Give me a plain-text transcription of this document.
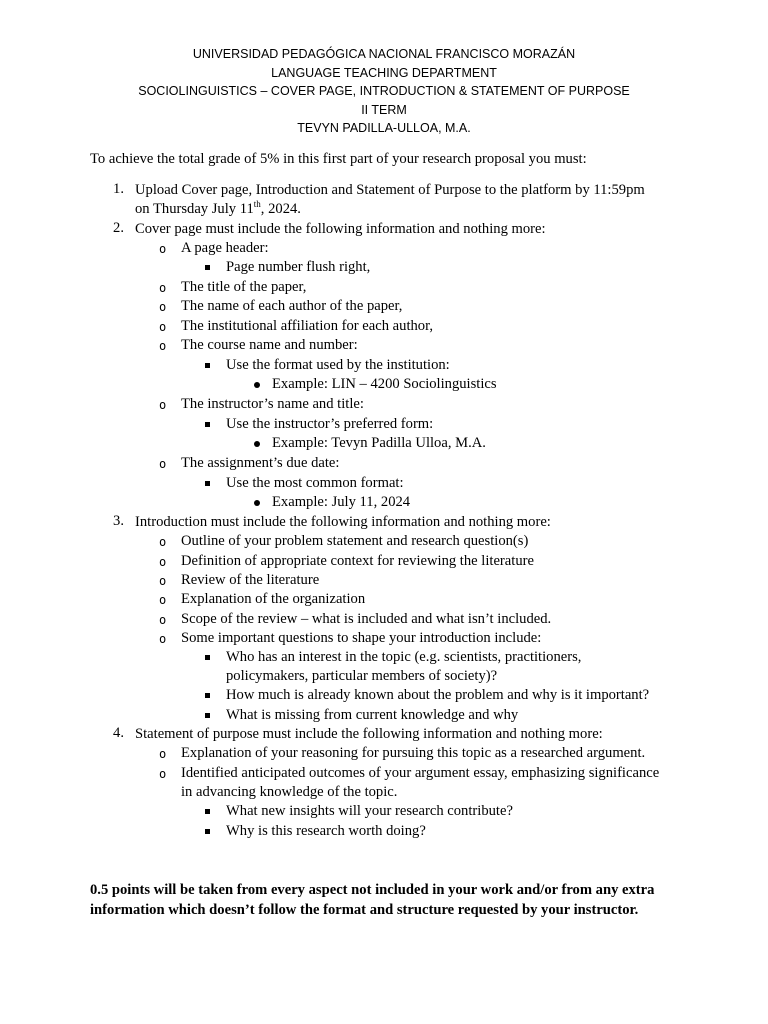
UNIVERSIDAD PEDAGÓGICA NACIONAL FRANCISCO MORAZÁN
LANGUAGE TEACHING DEPARTMENT
SOCIOLINGUISTICS – COVER PAGE, INTRODUCTION & STATEMENT OF PURPOSE
II TERM
TEVYN PADILLA-ULLOA, M.A.
To achieve the total grade of 5% in this first part of your research proposal you must:
1. Upload Cover page, Introduction and Statement of Purpose to the platform by 11:59pm
on Thursday July 11th, 2024.
2. Cover page must include the following information and nothing more:
o A page header:
Page number flush right,
o The title of the paper,
o The name of each author of the paper,
o The institutional affiliation for each author,
o The course name and number:
Use the format used by the institution:
Example: LIN – 4200 Sociolinguistics
o The instructor’s name and title:
Use the instructor’s preferred form:
Example: Tevyn Padilla Ulloa, M.A.
o The assignment’s due date:
Use the most common format:
Example: July 11, 2024
3. Introduction must include the following information and nothing more:
o Outline of your problem statement and research question(s)
o Definition of appropriate context for reviewing the literature
o Review of the literature
o Explanation of the organization
o Scope of the review – what is included and what isn’t included.
o Some important questions to shape your introduction include:
Who has an interest in the topic (e.g. scientists, practitioners,
policymakers, particular members of society)?
How much is already known about the problem and why is it important?
What is missing from current knowledge and why
4. Statement of purpose must include the following information and nothing more:
o Explanation of your reasoning for pursuing this topic as a researched argument.
o Identified anticipated outcomes of your argument essay, emphasizing significance
in advancing knowledge of the topic.
What new insights will your research contribute?
Why is this research worth doing?
0.5 points will be taken from every aspect not included in your work and/or from any extra information which doesn’t follow the format and structure requested by your instructor.
